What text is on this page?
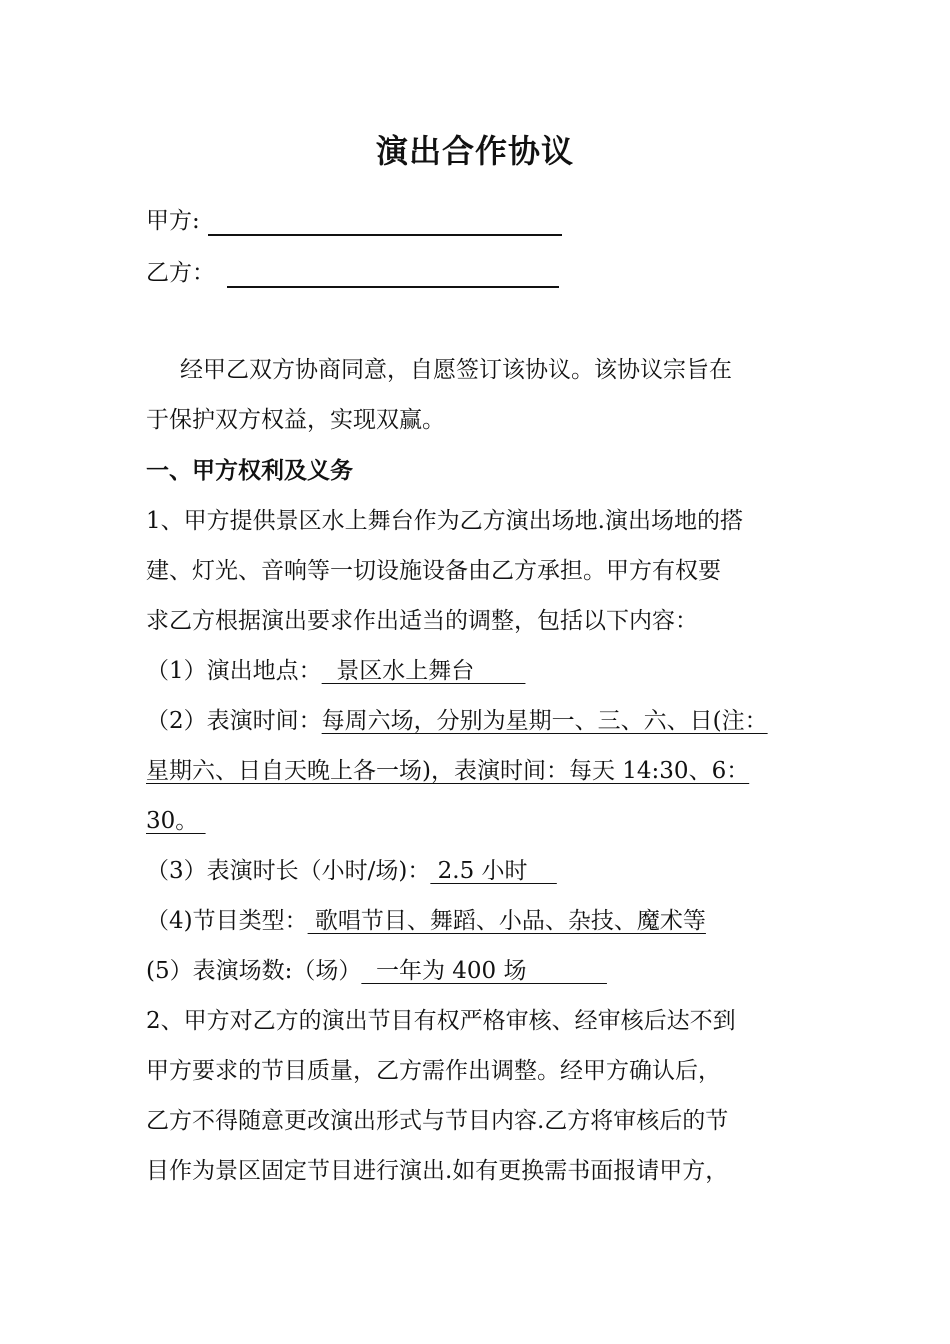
演出合作协议
甲方:
乙方：
经甲乙双方协商同意，自愿签订该协议。该协议宗旨在
于保护双方权益，实现双赢。
一、甲方权利及义务
1、甲方提供景区水上舞台作为乙方演出场地.演出场地的搭
建、灯光、音响等一切设施设备由乙方承担。甲方有权要
求乙方根据演出要求作出适当的调整，包括以下内容：
（1）演出地点：  景区水上舞台
（2）表演时间：每周六场，分别为星期一、三、六、日(注：
星期六、日自天晚上各一场)，表演时间：每天 14:30、6：
30。
（3）表演时长（小时/场)： 2.5 小时
（4)节目类型： 歌唱节目、舞蹈、小品、杂技、魔术等
(5）表演场数:（场）  一年为 400 场
2、甲方对乙方的演出节目有权严格审核、经审核后达不到
甲方要求的节目质量，乙方需作出调整。经甲方确认后，
乙方不得随意更改演出形式与节目内容.乙方将审核后的节
目作为景区固定节目进行演出.如有更换需书面报请甲方，
